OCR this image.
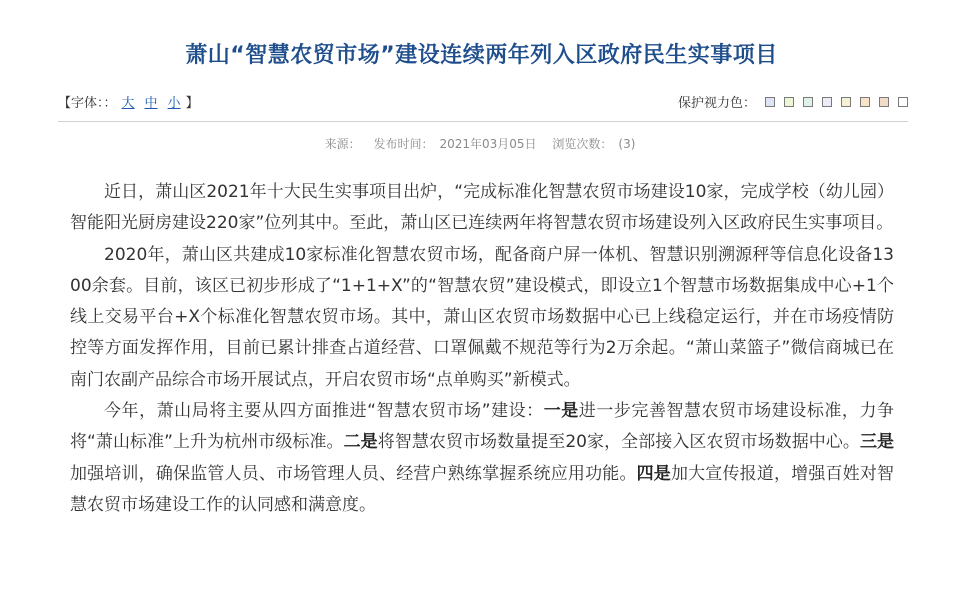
萧山“智慧农贸市场”建设连续两年列入区政府民生实事项目
【字体：： 大 中 小 】	保护视力色：
来源： 发布时间： 2021年03月05日 浏览次数： (3)

近日，萧山区2021年十大民生实事项目出炉，“完成标准化智慧农贸市场建设10家，完成学校（幼儿园）智能阳光厨房建设220家”位列其中。至此，萧山区已连续两年将智慧农贸市场建设列入区政府民生实事项目。

2020年，萧山区共建成10家标准化智慧农贸市场，配备商户屏一体机、智慧识别溯源秤等信息化设备1300余套。目前，该区已初步形成了“1+1+X”的“智慧农贸”建设模式，即设立1个智慧市场数据集成中心+1个线上交易平台+X个标准化智慧农贸市场。其中，萧山区农贸市场数据中心已上线稳定运行，并在市场疫情防控等方面发挥作用，目前已累计排查占道经营、口罩佩戴不规范等行为2万余起。“萧山菜篮子”微信商城已在南门农副产品综合市场开展试点，开启农贸市场“点单购买”新模式。

今年，萧山局将主要从四方面推进“智慧农贸市场”建设：一是进一步完善智慧农贸市场建设标准，力争将“萧山标准”上升为杭州市级标准。二是将智慧农贸市场数量提至20家，全部接入区农贸市场数据中心。三是加强培训，确保监管人员、市场管理人员、经营户熟练掌握系统应用功能。四是加大宣传报道，增强百姓对智慧农贸市场建设工作的认同感和满意度。
